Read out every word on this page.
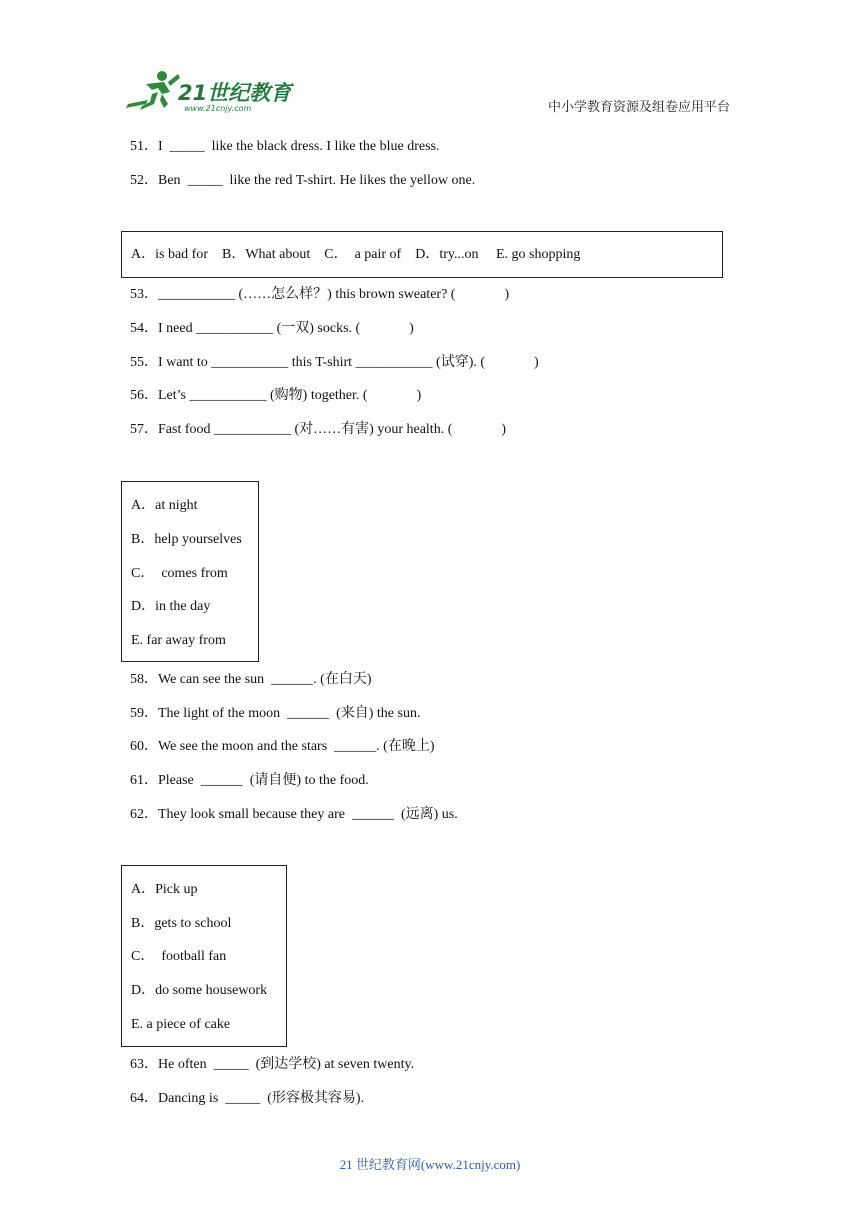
21世纪教育
www.21cnjy.com	中小学教育资源及组卷应用平台
51．I  _____  like the black dress. I like the blue dress.
52．Ben  _____  like the red T-shirt. He likes the yellow one.
A．is bad for    B．What about    C．  a pair of    D．try...on     E. go shopping
53．___________ (……怎么样？) this brown sweater? (              )
54．I need ___________ (一双) socks. (              )
55．I want to ___________ this T-shirt ___________ (试穿). (              )
56．Let’s ___________ (购物) together. (              )
57．Fast food ___________ (对……有害) your health. (              )
A．at night
B．help yourselves
C．  comes from
D．in the day
E. far away from
58．We can see the sun  ______. (在白天)
59．The light of the moon  ______  (来自) the sun.
60．We see the moon and the stars  ______. (在晚上)
61．Please  ______  (请自便) to the food.
62．They look small because they are  ______  (远离) us.
A．Pick up
B．gets to school
C．  football fan
D．do some housework
E. a piece of cake
63．He often  _____  (到达学校) at seven twenty.
64．Dancing is  _____  (形容极其容易).
21 世纪教育网(www.21cnjy.com)
